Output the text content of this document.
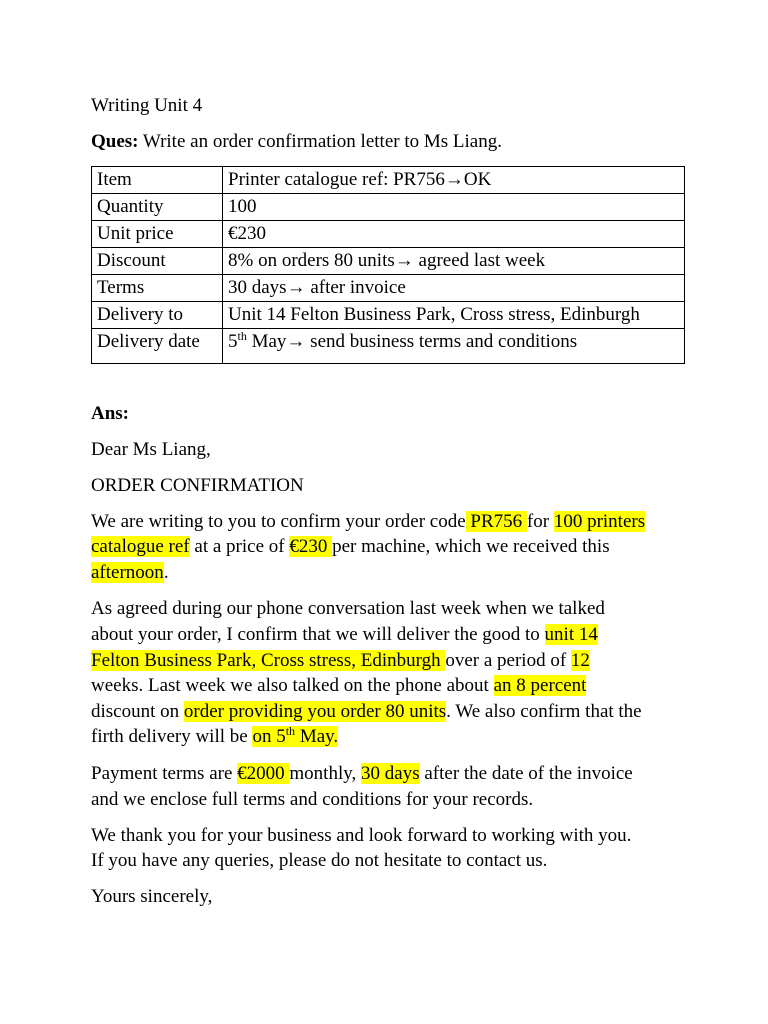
Writing Unit 4

Ques: Write an order confirmation letter to Ms Liang.

Item	Printer catalogue ref: PR756→OK
Quantity	100
Unit price	€230
Discount	8% on orders 80 units→ agreed last week
Terms	30 days→ after invoice
Delivery to	Unit 14 Felton Business Park, Cross stress, Edinburgh
Delivery date	5th May→ send business terms and conditions

Ans:

Dear Ms Liang,

ORDER CONFIRMATION

We are writing to you to confirm your order code PR756 for 100 printers

catalogue ref at a price of €230 per machine, which we received this

afternoon.

As agreed during our phone conversation last week when we talked

about your order, I confirm that we will deliver the good to unit 14

Felton Business Park, Cross stress, Edinburgh over a period of 12

weeks. Last week we also talked on the phone about an 8 percent

discount on order providing you order 80 units. We also confirm that the

firth delivery will be on 5th May.

Payment terms are €2000 monthly, 30 days after the date of the invoice

and we enclose full terms and conditions for your records.

We thank you for your business and look forward to working with you.

If you have any queries, please do not hesitate to contact us.

Yours sincerely,
